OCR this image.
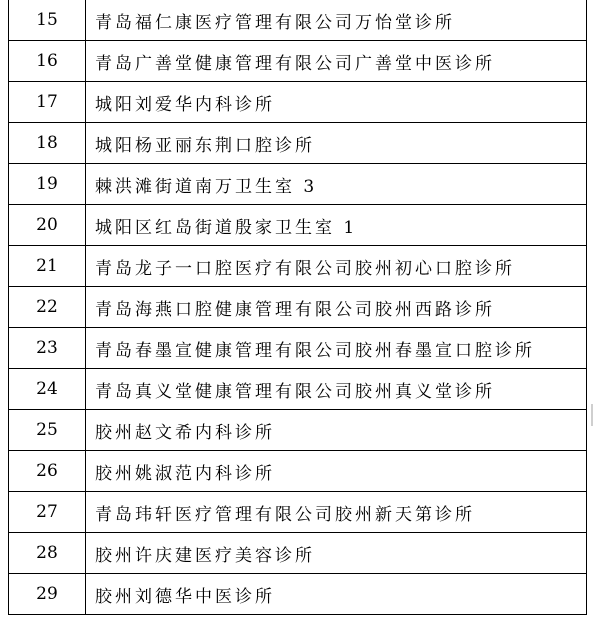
15	青岛福仁康医疗管理有限公司万怡堂诊所
16	青岛广善堂健康管理有限公司广善堂中医诊所
17	城阳刘爱华内科诊所
18	城阳杨亚丽东荆口腔诊所
19	棘洪滩街道南万卫生室 3
20	城阳区红岛街道殷家卫生室 1
21	青岛龙子一口腔医疗有限公司胶州初心口腔诊所
22	青岛海燕口腔健康管理有限公司胶州西路诊所
23	青岛春墨宣健康管理有限公司胶州春墨宣口腔诊所
24	青岛真义堂健康管理有限公司胶州真义堂诊所
25	胶州赵文希内科诊所
26	胶州姚淑范内科诊所
27	青岛玮轩医疗管理有限公司胶州新天第诊所
28	胶州许庆建医疗美容诊所
29	胶州刘德华中医诊所
